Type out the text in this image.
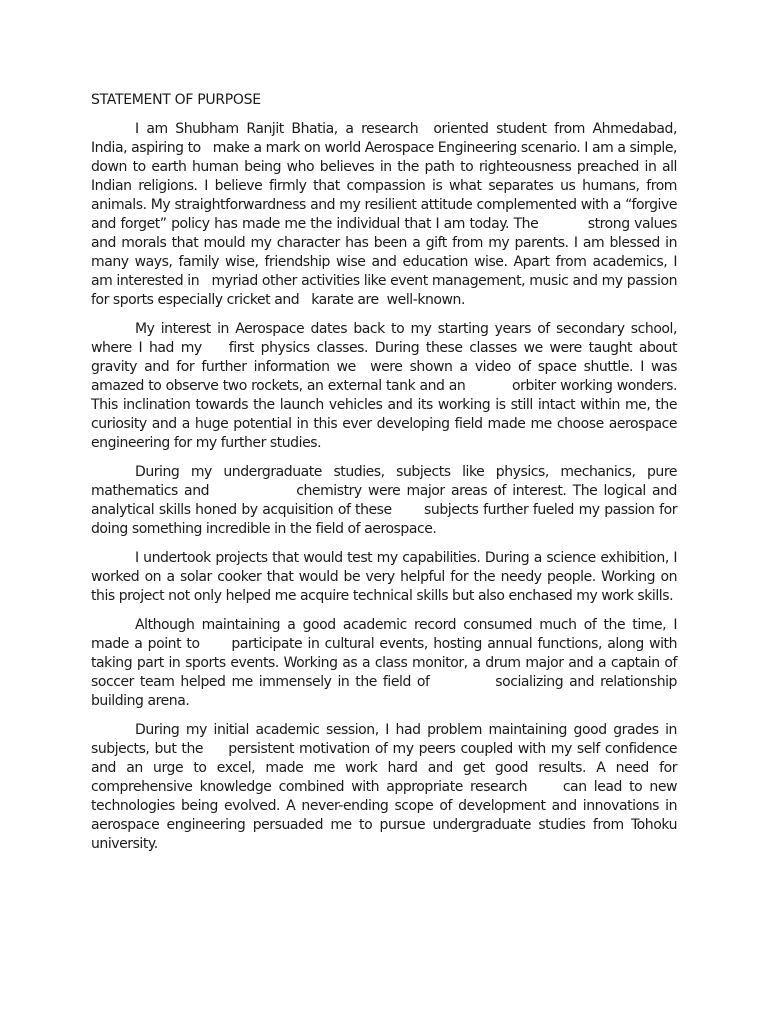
STATEMENT OF PURPOSE

I am Shubham Ranjit Bhatia, a research  oriented student from Ahmedabad, India, aspiring to   make a mark on world Aerospace Engineering scenario. I am a simple, down to earth human being who believes in the path to righteousness preached in all Indian religions. I believe firmly that compassion is what separates us humans, from animals. My straightforwardness and my resilient attitude complemented with a “forgive and forget” policy has made me the individual that I am today. The           strong values and morals that mould my character has been a gift from my parents. I am blessed in         many ways, family wise, friendship wise and education wise. Apart from academics, I am interested in   myriad other activities like event management, music and my passion for sports especially cricket and   karate are  well-known.

My interest in Aerospace dates back to my starting years of secondary school, where I had my    first physics classes. During these classes we were taught about gravity and for further information we  were shown a video of space shuttle. I was amazed to observe two rockets, an external tank and an           orbiter working wonders. This inclination towards the launch vehicles and its working is still intact within me, the curiosity and a huge potential in this ever developing field made me choose aerospace              engineering for my further studies.

During my undergraduate studies, subjects like physics, mechanics, pure mathematics and              chemistry were major areas of interest. The logical and analytical skills honed by acquisition of these       subjects further fueled my passion for doing something incredible in the field of aerospace.

I undertook projects that would test my capabilities. During a science exhibition, I worked on a solar cooker that would be very helpful for the needy people. Working on this project not only helped me acquire technical skills but also enchased my work skills.

Although maintaining a good academic record consumed much of the time, I made a point to      participate in cultural events, hosting annual functions, along with taking part in sports events. Working as a class monitor, a drum major and a captain of soccer team helped me immensely in the field of           socializing and relationship building arena.

During my initial academic session, I had problem maintaining good grades in subjects, but the     persistent motivation of my peers coupled with my self confidence and an urge to excel, made me work hard and get good results. A need for comprehensive knowledge combined with appropriate research     can lead to new technologies being evolved. A never-ending scope of development and innovations in    aerospace engineering persuaded me to pursue undergraduate studies from Tohoku university.
